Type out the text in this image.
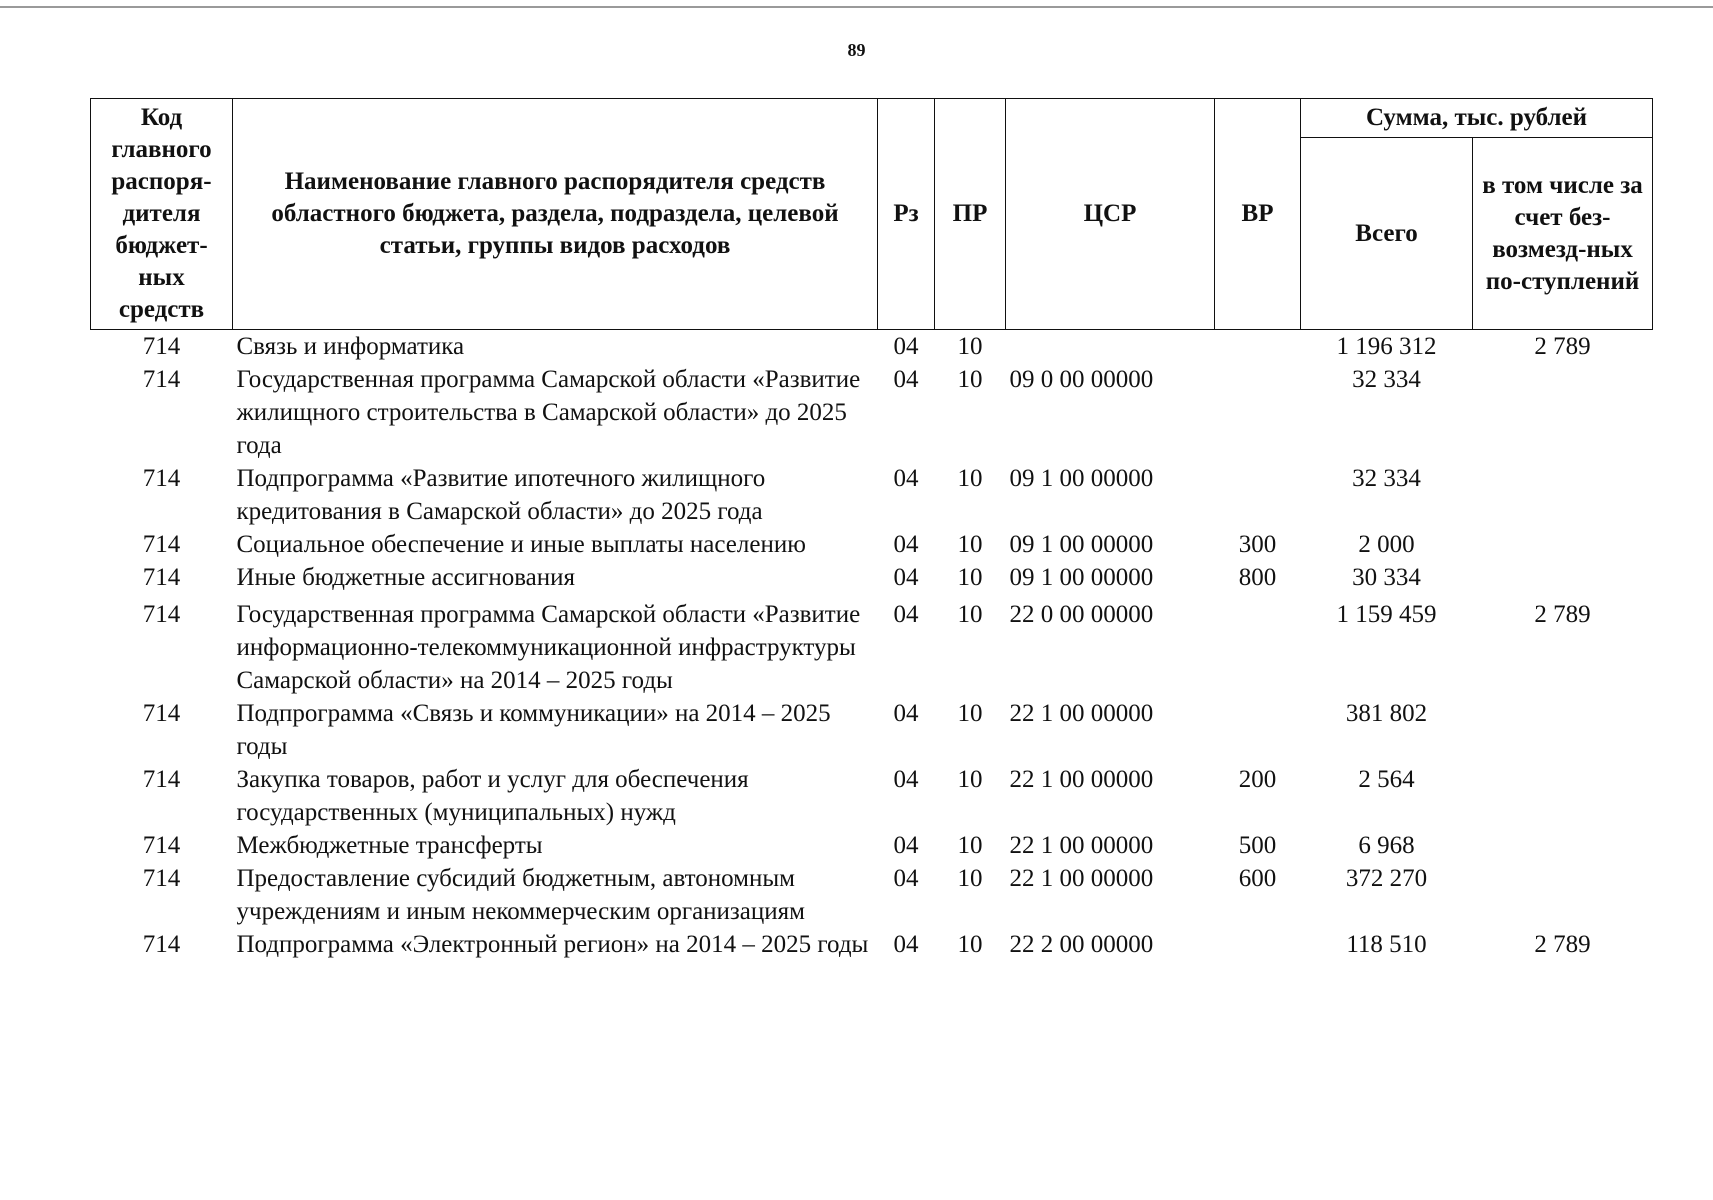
89
Код главного распоря-дителя бюджет-ных средств	Наименование главного распорядителя средств областного бюджета, раздела, подраздела, целевой статьи, группы видов расходов	Рз	ПР	ЦСР	ВР	Сумма, тыс. рублей	
						Всего	в том числе за счет без-возмезд-ных по-ступлений
714	Связь и информатика	04	10			1 196 312	2 789
714	Государственная программа Самарской области «Развитие жилищного строительства в Самарской области» до 2025 года	04	10	09 0 00 00000		32 334	
714	Подпрограмма «Развитие ипотечного жилищного кредитования в Самарской области» до 2025 года	04	10	09 1 00 00000		32 334	
714	Социальное обеспечение и иные выплаты населению	04	10	09 1 00 00000	300	2 000	
714	Иные бюджетные ассигнования	04	10	09 1 00 00000	800	30 334	
714	Государственная программа Самарской области «Развитие информационно-телекоммуникационной инфраструктуры Самарской области» на 2014 – 2025 годы	04	10	22 0 00 00000		1 159 459	2 789
714	Подпрограмма «Связь и коммуникации» на 2014 – 2025 годы	04	10	22 1 00 00000		381 802	
714	Закупка товаров, работ и услуг для обеспечения государственных (муниципальных) нужд	04	10	22 1 00 00000	200	2 564	
714	Межбюджетные трансферты	04	10	22 1 00 00000	500	6 968	
714	Предоставление субсидий бюджетным, автономным учреждениям и иным некоммерческим организациям	04	10	22 1 00 00000	600	372 270	
714	Подпрограмма «Электронный регион» на 2014 – 2025 годы	04	10	22 2 00 00000		118 510	2 789
